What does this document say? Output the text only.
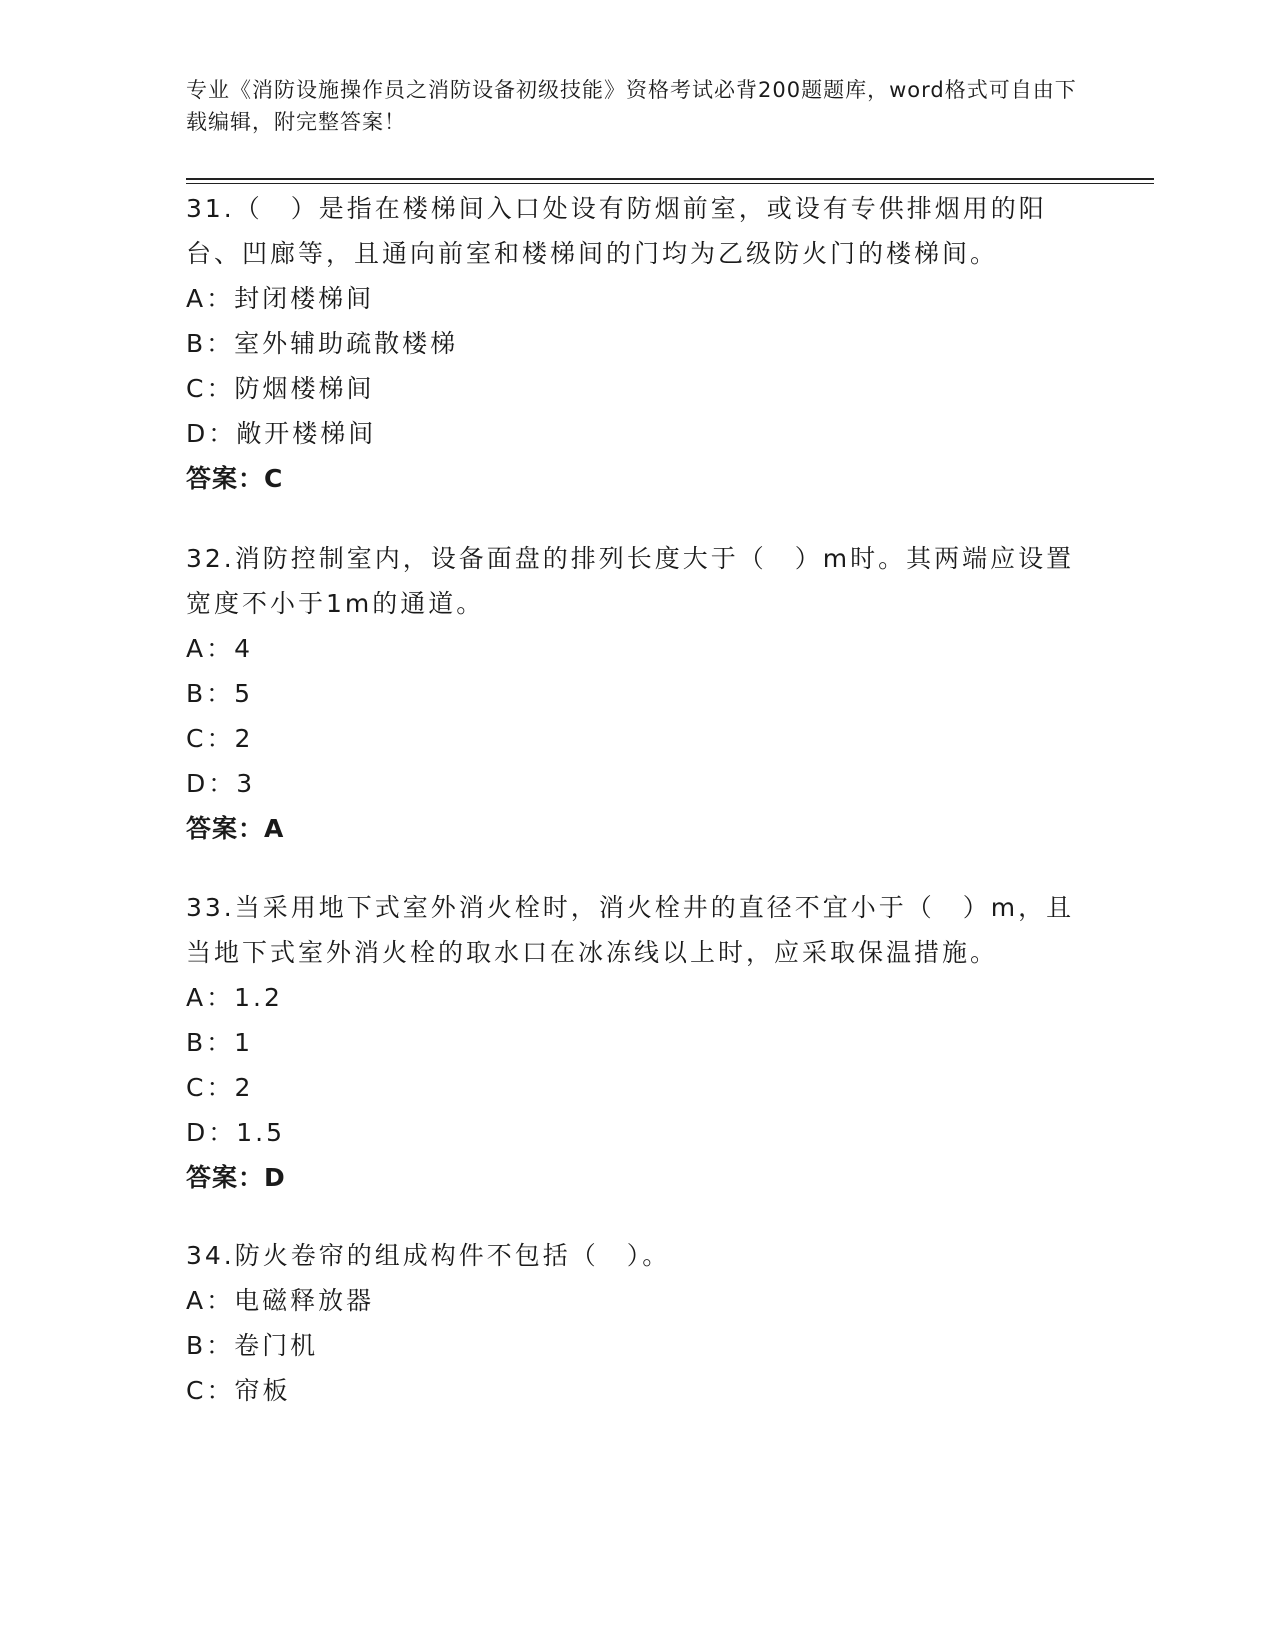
专业《消防设施操作员之消防设备初级技能》资格考试必背200题题库，word格式可自由下载编辑，附完整答案！
31.（　）是指在楼梯间入口处设有防烟前室，或设有专供排烟用的阳台、凹廊等，且通向前室和楼梯间的门均为乙级防火门的楼梯间。
A：封闭楼梯间
B：室外辅助疏散楼梯
C：防烟楼梯间
D：敞开楼梯间
答案：C
32.消防控制室内，设备面盘的排列长度大于（　）m时。其两端应设置宽度不小于1m的通道。
A：4
B：5
C：2
D：3
答案：A
33.当采用地下式室外消火栓时，消火栓井的直径不宜小于（　）m，且当地下式室外消火栓的取水口在冰冻线以上时，应采取保温措施。
A：1.2
B：1
C：2
D：1.5
答案：D
34.防火卷帘的组成构件不包括（　）。
A：电磁释放器
B：卷门机
C：帘板
